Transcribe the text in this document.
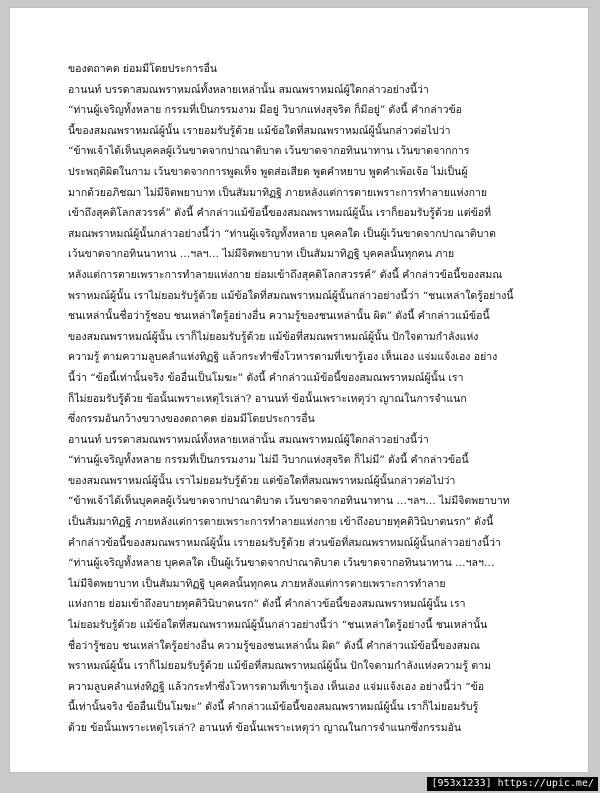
ของตถาคต ย่อมมีโดยประการอื่น
อานนท์ บรรดาสมณพราหมณ์ทั้งหลายเหล่านั้น สมณพราหมณ์ผู้ใดกล่าวอย่างนี้ว่า
“ท่านผู้เจริญทั้งหลาย กรรมที่เป็นกรรมงาม มีอยู่ วิบากแห่งสุจริต ก็มีอยู่” ดังนี้ คำกล่าวข้อ
นี้ของสมณพราหมณ์ผู้นั้น เรายอมรับรู้ด้วย แม้ข้อใดที่สมณพราหมณ์ผู้นั้นกล่าวต่อไปว่า
“ข้าพเจ้าได้เห็นบุคคลผู้เว้นขาดจากปาณาติบาต เว้นขาดจากอทินนาทาน เว้นขาดจากการ
ประพฤติผิดในกาม เว้นขาดจากการพูดเท็จ พูดส่อเสียด พูดคำหยาบ พูดคำเพ้อเจ้อ ไม่เป็นผู้
มากด้วยอภิชฌา ไม่มีจิตพยาบาท เป็นสัมมาทิฏฐิ ภายหลังแต่การตายเพราะการทำลายแห่งกาย
เข้าถึงสุคติโลกสวรรค์” ดังนี้ คำกล่าวแม้ข้อนี้ของสมณพราหมณ์ผู้นั้น เราก็ยอมรับรู้ด้วย แต่ข้อที่
สมณพราหมณ์ผู้นั้นกล่าวอย่างนี้ว่า “ท่านผู้เจริญทั้งหลาย บุคคลใด เป็นผู้เว้นขาดจากปาณาติบาต
เว้นขาดจากอทินนาทาน …ฯลฯ… ไม่มีจิตพยาบาท เป็นสัมมาทิฏฐิ บุคคลนั้นทุกคน ภาย
หลังแต่การตายเพราะการทำลายแห่งกาย ย่อมเข้าถึงสุคติโลกสวรรค์” ดังนี้ คำกล่าวข้อนี้ของสมณ
พราหมณ์ผู้นั้น เราไม่ยอมรับรู้ด้วย แม้ข้อใดที่สมณพราหมณ์ผู้นั้นกล่าวอย่างนี้ว่า “ชนเหล่าใดรู้อย่างนี้
ชนเหล่านั้นชื่อว่ารู้ชอบ ชนเหล่าใดรู้อย่างอื่น ความรู้ของชนเหล่านั้น ผิด” ดังนี้ คำกล่าวแม้ข้อนี้
ของสมณพราหมณ์ผู้นั้น เราก็ไม่ยอมรับรู้ด้วย แม้ข้อที่สมณพราหมณ์ผู้นั้น ปักใจตามกำลังแห่ง
ความรู้ ตามความลูบคลำแห่งทิฏฐิ แล้วกระทำซึ่งโวหารตามที่เขารู้เอง เห็นเอง แจ่มแจ้งเอง อย่าง
นี้ว่า “ข้อนี้เท่านั้นจริง ข้ออื่นเป็นโมฆะ” ดังนี้ คำกล่าวแม้ข้อนี้ของสมณพราหมณ์ผู้นั้น เรา
ก็ไม่ยอมรับรู้ด้วย ข้อนั้นเพราะเหตุไรเล่า? อานนท์ ข้อนั้นเพราะเหตุว่า ญาณในการจำแนก
ซึ่งกรรมอันกว้างขวางของตถาคต ย่อมมีโดยประการอื่น
อานนท์ บรรดาสมณพราหมณ์ทั้งหลายเหล่านั้น สมณพราหมณ์ผู้ใดกล่าวอย่างนี้ว่า
“ท่านผู้เจริญทั้งหลาย กรรมที่เป็นกรรมงาม ไม่มี วิบากแห่งสุจริต ก็ไม่มี” ดังนี้ คำกล่าวข้อนี้
ของสมณพราหมณ์ผู้นั้น เราไม่ยอมรับรู้ด้วย แต่ข้อใดที่สมณพราหมณ์ผู้นั้นกล่าวต่อไปว่า
“ข้าพเจ้าได้เห็นบุคคลผู้เว้นขาดจากปาณาติบาต เว้นขาดจากอทินนาทาน …ฯลฯ… ไม่มีจิตพยาบาท
เป็นสัมมาทิฏฐิ ภายหลังแต่การตายเพราะการทำลายแห่งกาย เข้าถึงอบายทุคติวินิบาตนรก” ดังนี้
คำกล่าวข้อนี้ของสมณพราหมณ์ผู้นั้น เรายอมรับรู้ด้วย ส่วนข้อที่สมณพราหมณ์ผู้นั้นกล่าวอย่างนี้ว่า
“ท่านผู้เจริญทั้งหลาย บุคคลใด เป็นผู้เว้นขาดจากปาณาติบาต เว้นขาดจากอทินนาทาน …ฯลฯ…
ไม่มีจิตพยาบาท เป็นสัมมาทิฏฐิ บุคคลนั้นทุกคน ภายหลังแต่การตายเพราะการทำลาย
แห่งกาย ย่อมเข้าถึงอบายทุคติวินิบาตนรก” ดังนี้ คำกล่าวข้อนี้ของสมณพราหมณ์ผู้นั้น เรา
ไม่ยอมรับรู้ด้วย แม้ข้อใดที่สมณพราหมณ์ผู้นั้นกล่าวอย่างนี้ว่า “ชนเหล่าใดรู้อย่างนี้ ชนเหล่านั้น
ชื่อว่ารู้ชอบ ชนเหล่าใดรู้อย่างอื่น ความรู้ของชนเหล่านั้น ผิด” ดังนี้ คำกล่าวแม้ข้อนี้ของสมณ
พราหมณ์ผู้นั้น เราก็ไม่ยอมรับรู้ด้วย แม้ข้อที่สมณพราหมณ์ผู้นั้น ปักใจตามกำลังแห่งความรู้ ตาม
ความลูบคลำแห่งทิฏฐิ แล้วกระทำซึ่งโวหารตามที่เขารู้เอง เห็นเอง แจ่มแจ้งเอง อย่างนี้ว่า “ข้อ
นี้เท่านั้นจริง ข้ออื่นเป็นโมฆะ” ดังนี้ คำกล่าวแม้ข้อนี้ของสมณพราหมณ์ผู้นั้น เราก็ไม่ยอมรับรู้
ด้วย ข้อนั้นเพราะเหตุไรเล่า? อานนท์ ข้อนั้นเพราะเหตุว่า ญาณในการจำแนกซึ่งกรรมอัน
[953x1233] https://upic.me/
